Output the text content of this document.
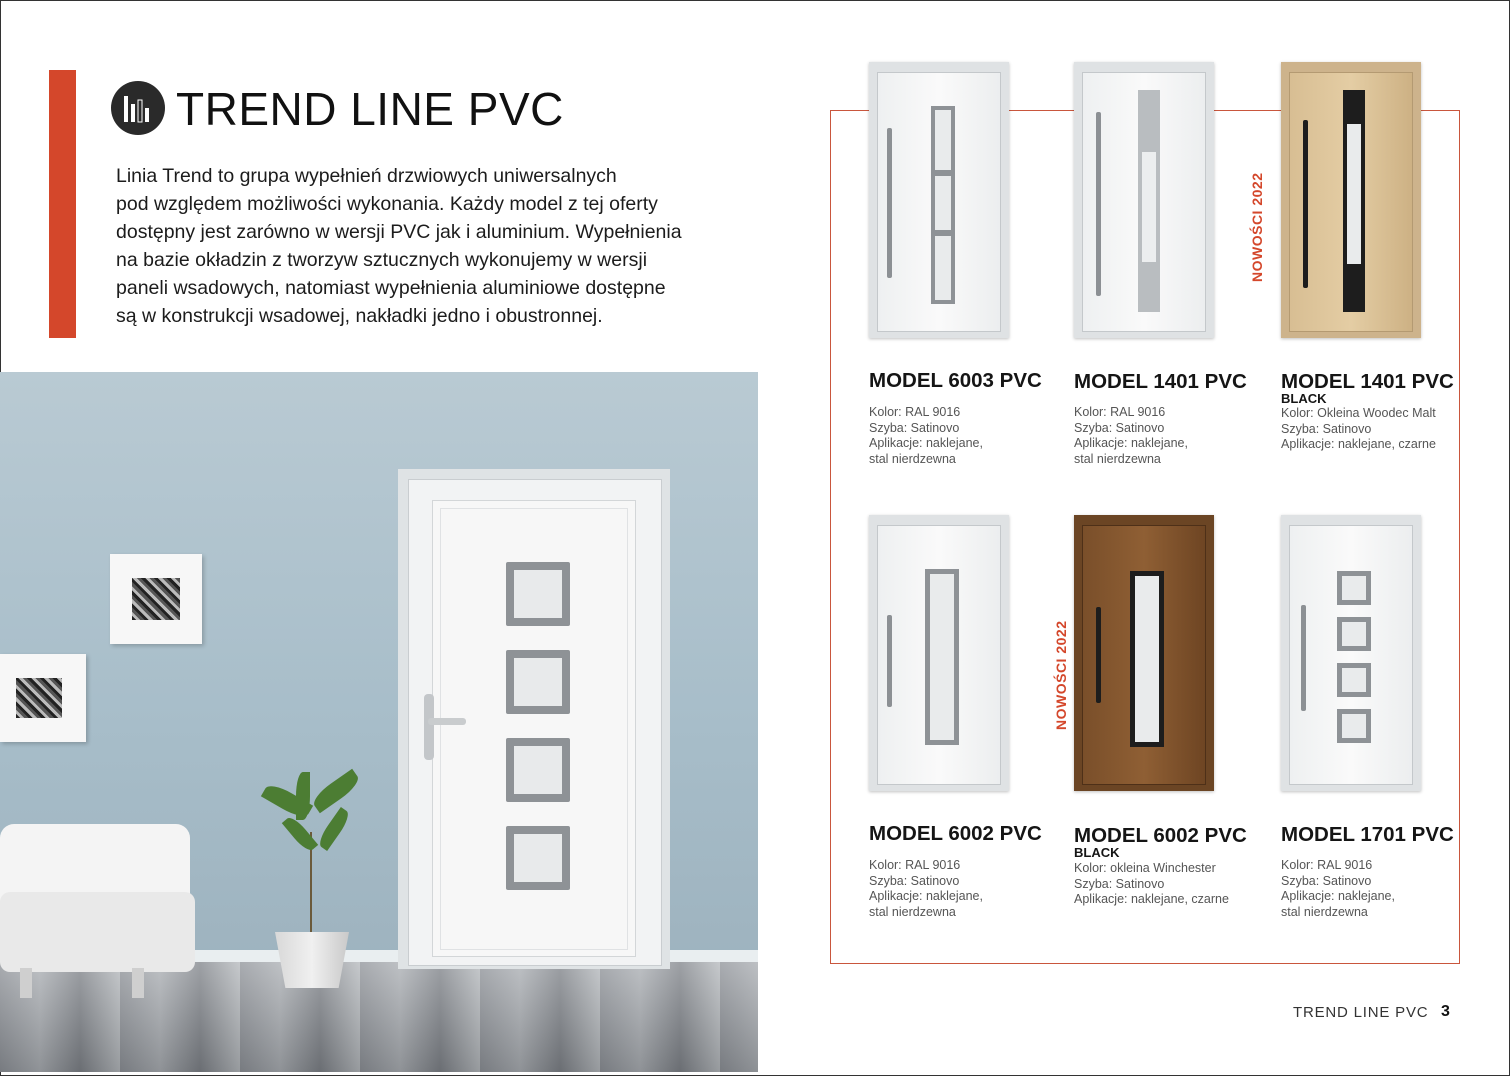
TREND LINE PVC
Linia Trend to grupa wypełnień drzwiowych uniwersalnych
pod względem możliwości wykonania. Każdy model z tej oferty
dostępny jest zarówno w wersji PVC jak i aluminium. Wypełnienia
na bazie okładzin z tworzyw sztucznych wykonujemy w wersji
paneli wsadowych, natomiast wypełnienia aluminiowe dostępne
są w konstrukcji wsadowej, nakładki jedno i obustronnej.
NOWOŚCI 2022
NOWOŚCI 2022
MODEL 6003 PVC
Kolor: RAL 9016
Szyba: Satinovo
Aplikacje: naklejane,
stal nierdzewna
MODEL 1401 PVC
Kolor: RAL 9016
Szyba: Satinovo
Aplikacje: naklejane,
stal nierdzewna
MODEL 1401 PVC
BLACK
Kolor: Okleina Woodec Malt
Szyba: Satinovo
Aplikacje: naklejane, czarne
MODEL 6002 PVC
Kolor: RAL 9016
Szyba: Satinovo
Aplikacje: naklejane,
stal nierdzewna
MODEL 6002 PVC
BLACK
Kolor: okleina Winchester
Szyba: Satinovo
Aplikacje: naklejane, czarne
MODEL 1701 PVC
Kolor: RAL 9016
Szyba: Satinovo
Aplikacje: naklejane,
stal nierdzewna
TREND LINE PVC 3
